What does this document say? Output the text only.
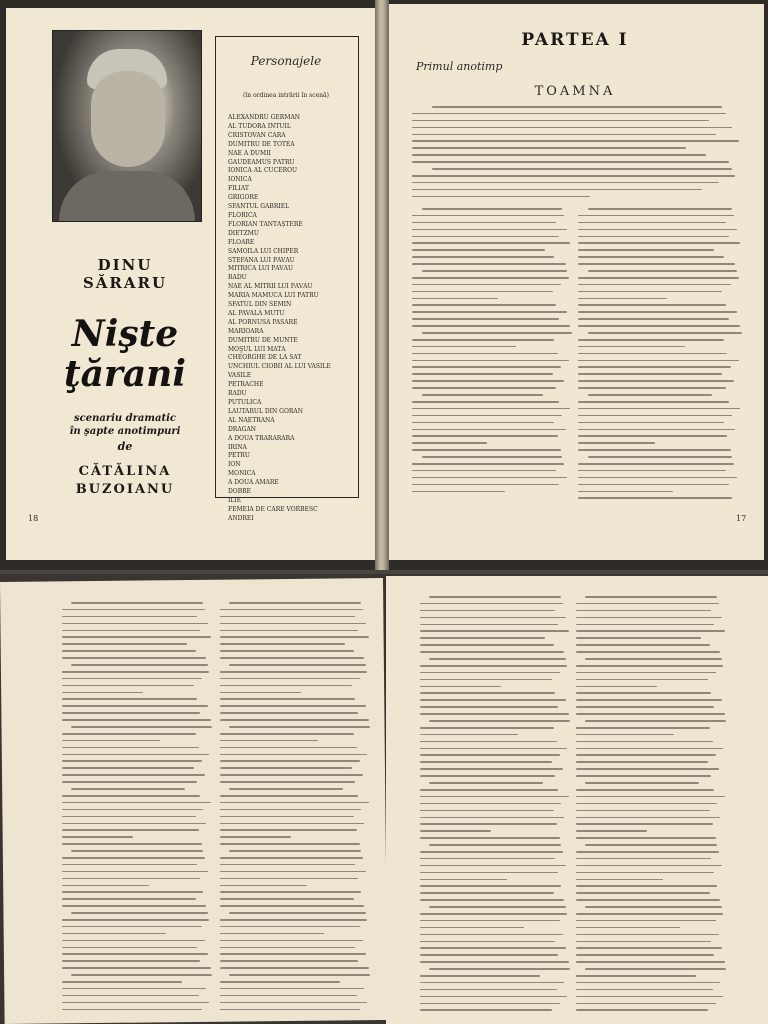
DINU
SĂRARU
Nişte ţărani
scenariu dramatic
în şapte anotimpuri
de
CĂTĂLINA
BUZOIANU
18
Personajele
(în ordinea intrării în scenă)
ALEXANDRU GERMAN
AL TUDORA ÎNTUIL
CRISTOVAN CĂRA
DUMITRU DE TOTEA
NAE A DUMII
GAUDEAMUS PĂTRU
IONICĂ AL CUCEROU
IONICA
FILIAT
GRIGORE
SFÂNTUL GABRIEL
FLORICA
FLORIAN TĂNTĂȘTERE
DIETZMU
FLOARE
SAMOILA LUI CHIPER
STEFANA LUI PĂVĂU
MITRICĂ LUI PĂVĂU
RADU
NAE AL MITRII LUI PĂVĂU
MARIA MAMUCA LUI PĂTRU
SFATUL DIN SEMIN
AL PAVALA MUTU
AL PORNUSA PASARE
MARIOARA
DUMITRU DE MUNTE
MOŞUL LUI MATĂ
CHEORGHE DE LA SAT
UNCHIUL CIOBII AL LUI VASILE
VASILE
PETRACHE
RADU
PUTULICA
LĂUTARUL DIN GORAN
AL NAETRĂNA
DRĂGAN
A DOUA TRĂRĂRĂRĂ
IRINA
PETRU
ION
MONICA
A DOUA AMARE
DOBRE
ILIE
FEMEIA DE CARE VORBESC
ANDREI
PARTEA I
Primul anotimp
TOAMNA
17
